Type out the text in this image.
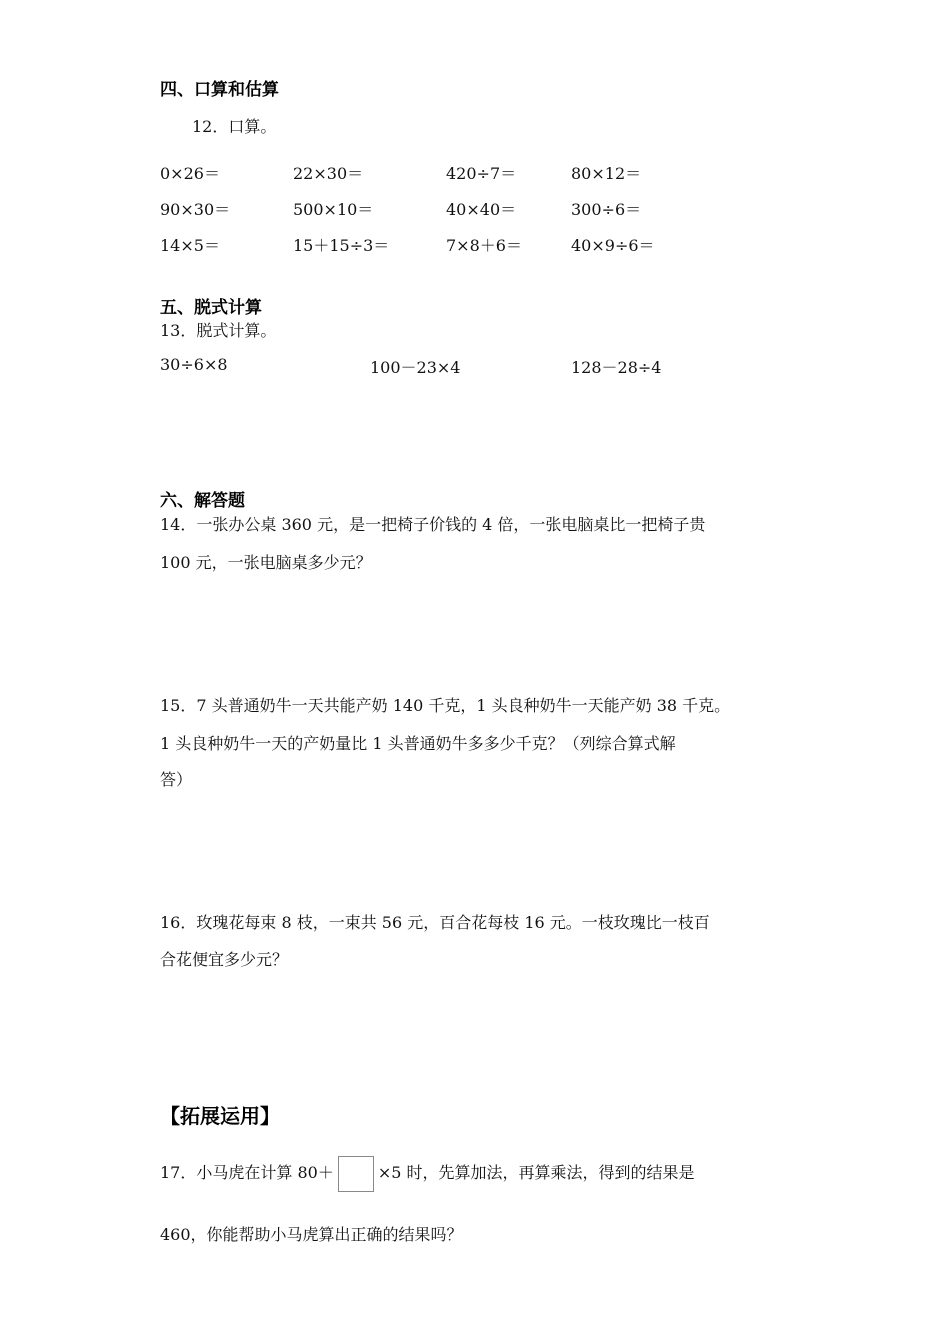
四、口算和估算
12．口算。
0×26＝	22×30＝	420÷7＝	80×12＝
90×30＝	500×10＝	40×40＝	300÷6＝
14×5＝	15＋15÷3＝	7×8＋6＝	40×9÷6＝
五、脱式计算
13．脱式计算。
30÷6×8	100－23×4	128－28÷4
六、解答题
14．一张办公桌 360 元，是一把椅子价钱的 4 倍，一张电脑桌比一把椅子贵
100 元，一张电脑桌多少元？
15．7 头普通奶牛一天共能产奶 140 千克，1 头良种奶牛一天能产奶 38 千克。
1 头良种奶牛一天的产奶量比 1 头普通奶牛多多少千克？（列综合算式解
答）
16．玫瑰花每束 8 枝，一束共 56 元，百合花每枝 16 元。一枝玫瑰比一枝百
合花便宜多少元？
【拓展运用】
17．小马虎在计算 80＋	×5 时，先算加法，再算乘法，得到的结果是
460，你能帮助小马虎算出正确的结果吗？
